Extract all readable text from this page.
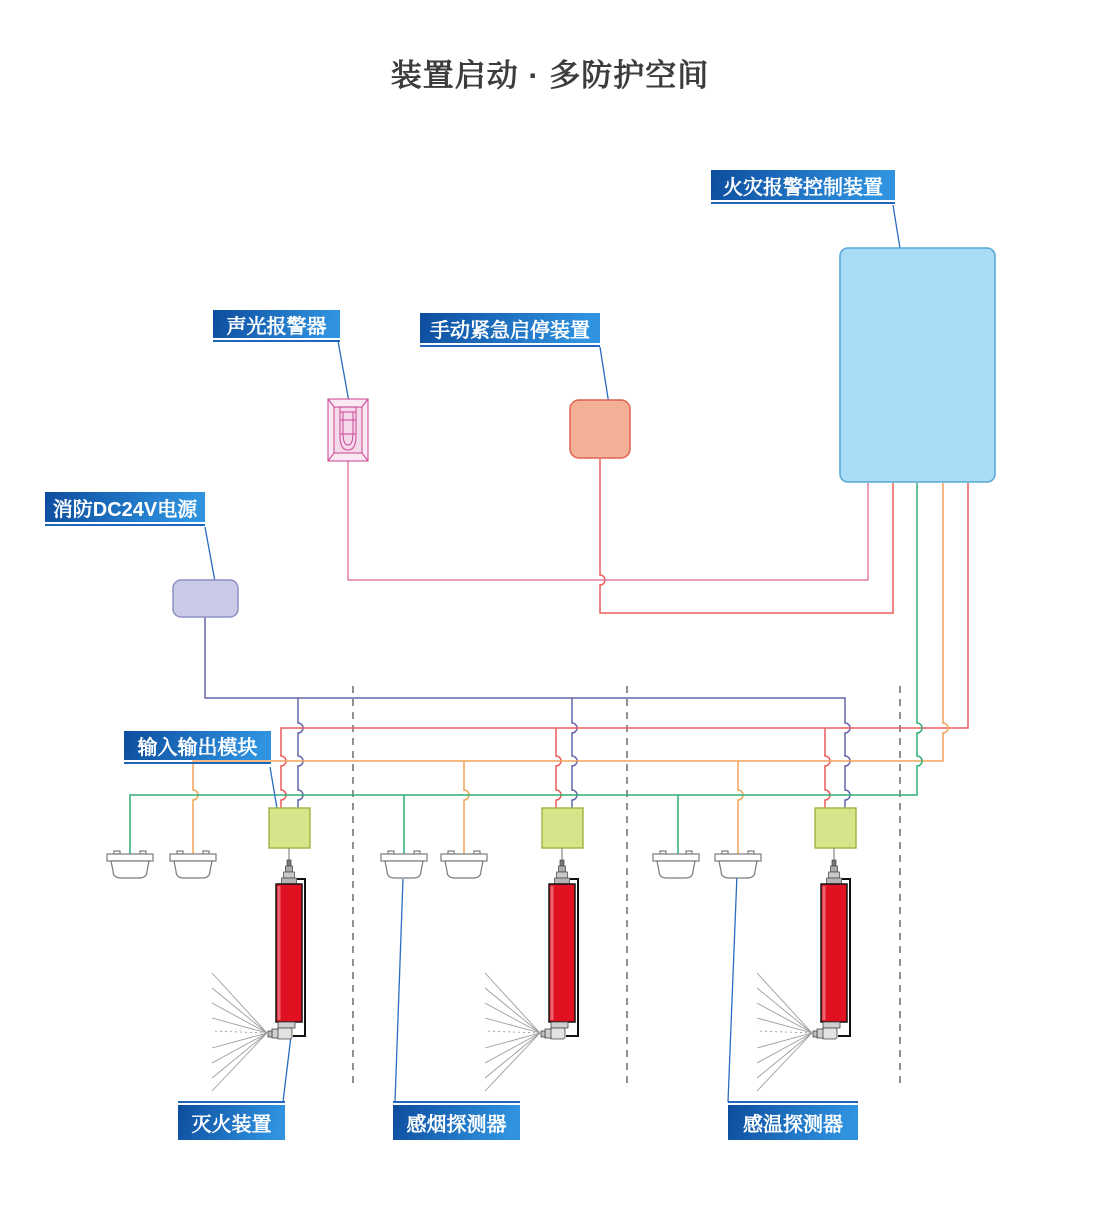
装置启动 · 多防护空间
火灾报警控制装置
声光报警器	手动紧急启停装置
消防DC24V电源
输入输出模块
灭火装置	感烟探测器	感温探测器
